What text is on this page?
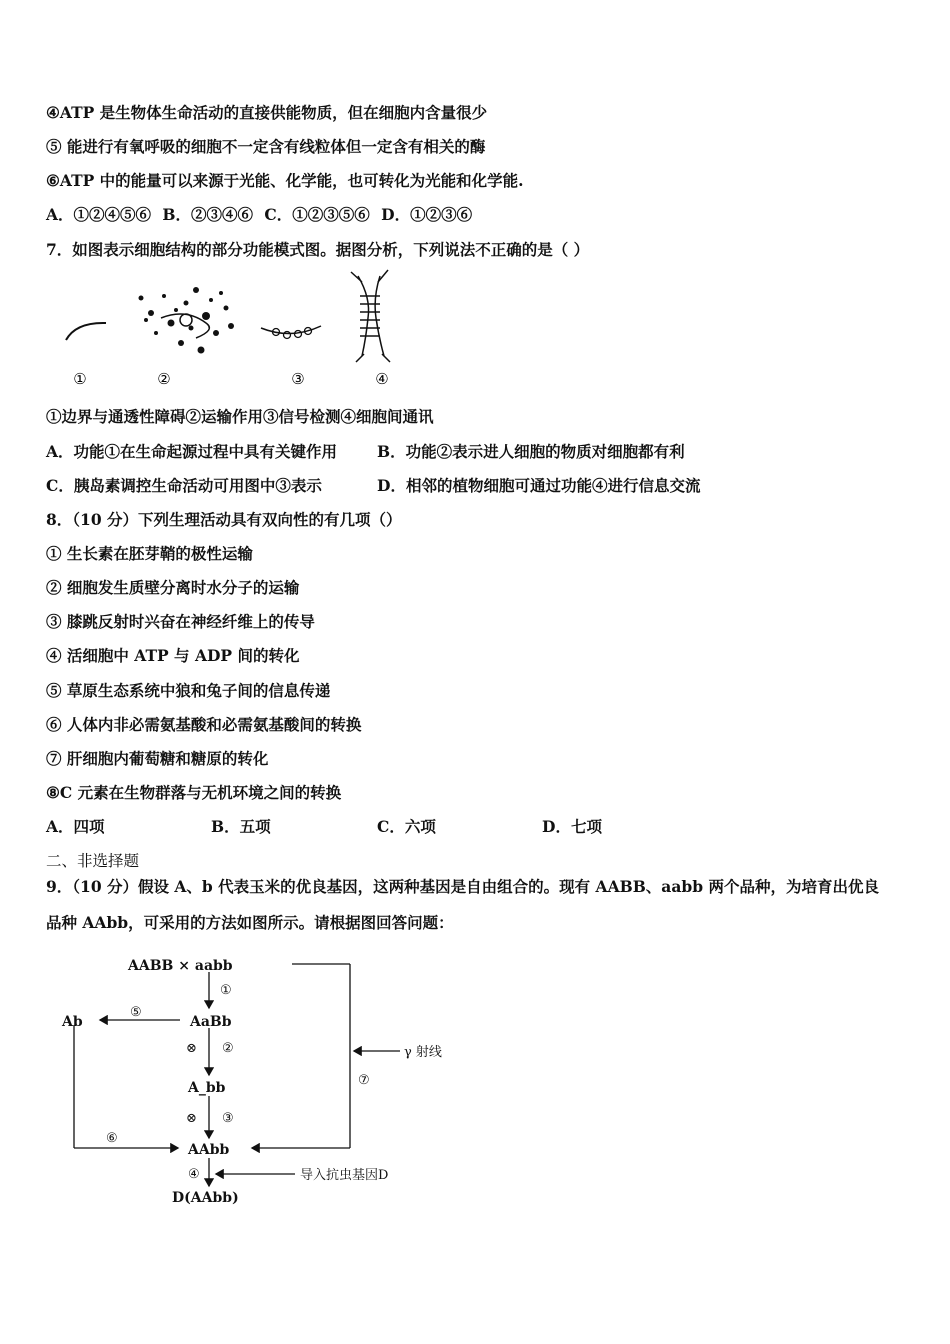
④ATP 是生物体生命活动的直接供能物质，但在细胞内含量很少
⑤ 能进行有氧呼吸的细胞不一定含有线粒体但一定含有相关的酶
⑥ATP 中的能量可以来源于光能、化学能，也可转化为光能和化学能.
A．①②④⑤⑥ B．②③④⑥ C．①②③⑤⑥ D．①②③⑥
7．如图表示细胞结构的部分功能模式图。据图分析，下列说法不正确的是（ ）
①	②	③	④
①边界与通透性障碍②运输作用③信号检测④细胞间通讯
A．功能①在生命起源过程中具有关键作用	B．功能②表示进人细胞的物质对细胞都有利
C．胰岛素调控生命活动可用图中③表示	D．相邻的植物细胞可通过功能④进行信息交流
8．（10 分）下列生理活动具有双向性的有几项（）
① 生长素在胚芽鞘的极性运输
② 细胞发生质壁分离时水分子的运输
③ 膝跳反射时兴奋在神经纤维上的传导
④ 活细胞中 ATP 与 ADP 间的转化
⑤ 草原生态系统中狼和兔子间的信息传递
⑥ 人体内非必需氨基酸和必需氨基酸间的转换
⑦ 肝细胞内葡萄糖和糖原的转化
⑧C 元素在生物群落与无机环境之间的转换
A．四项	B．五项	C．六项	D．七项
二、非选择题
9．（10 分）假设 A、b 代表玉米的优良基因，这两种基因是自由组合的。现有 AABB、aabb 两个品种，为培育出优良
品种 AAbb，可采用的方法如图所示。请根据图回答问题：
AABB × aabb
AaBb
Ab
A_bb
AAbb
D(AAbb)
①
②
③
④
⑤
⑥
⑦
⊗
⊗
γ 射线
导入抗虫基因D
